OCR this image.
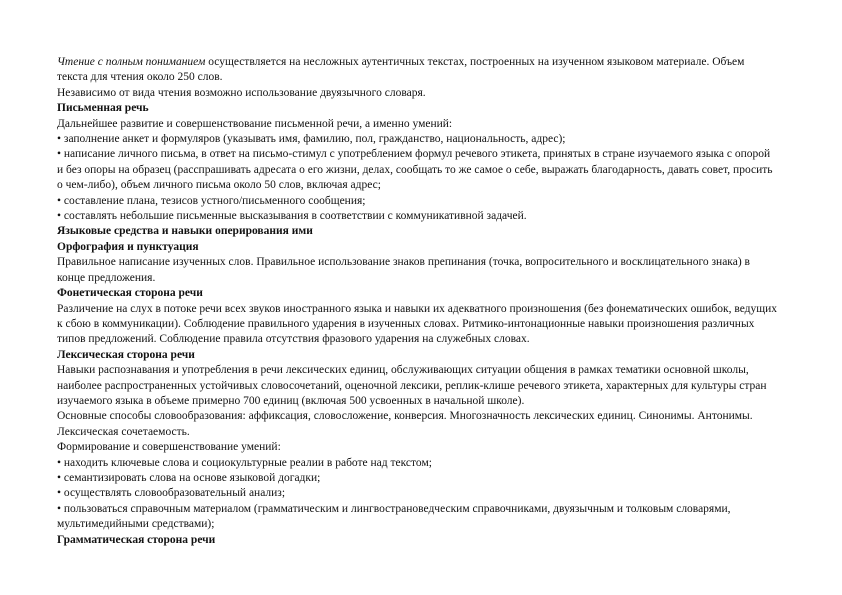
Чтение с полным пониманием осуществляется на несложных аутентичных текстах, построенных на изученном языковом материале. Объем текста для чтения около 250 слов.

Независимо от вида чтения возможно использование двуязычного словаря.

Письменная речь

Дальнейшее развитие и совершенствование письменной речи, а именно умений:

• заполнение анкет и формуляров (указывать имя, фамилию, пол, гражданство, национальность, адрес);

• написание личного письма, в ответ на письмо-стимул с употреблением формул речевого этикета, принятых в стране изучаемого языка с опорой и без опоры на образец (расспрашивать адресата о его жизни, делах, сообщать то же самое о себе, выражать благодарность, давать совет, просить о чем-либо), объем личного письма около 50 слов, включая адрес;

• составление плана, тезисов устного/письменного сообщения;

• составлять небольшие письменные высказывания в соответствии с коммуникативной задачей.

Языковые средства и навыки оперирования ими

Орфография и пунктуация

Правильное написание изученных слов. Правильное использование знаков препинания (точка, вопросительного и восклицательного знака) в конце предложения.

Фонетическая сторона речи

Различение на слух в потоке речи всех звуков иностранного языка и навыки их адекватного произношения (без фонематических ошибок, ведущих к сбою в коммуникации). Соблюдение правильного ударения в изученных словах. Ритмико-интонационные навыки произношения различных типов предложений. Соблюдение правила отсутствия фразового ударения на служебных словах.

Лексическая сторона речи

Навыки распознавания и употребления в речи лексических единиц, обслуживающих ситуации общения в рамках тематики основной школы, наиболее распространенных устойчивых словосочетаний, оценочной лексики, реплик-клише речевого этикета, характерных для культуры стран изучаемого языка в объеме примерно 700 единиц (включая 500 усвоенных в начальной школе).

Основные способы словообразования: аффиксация, словосложение, конверсия. Многозначность лексических единиц. Синонимы. Антонимы. Лексическая сочетаемость.

Формирование и совершенствование умений:

• находить ключевые слова и социокультурные реалии в работе над текстом;

• семантизировать слова на основе языковой догадки;

• осуществлять словообразовательный анализ;

• пользоваться справочным материалом (грамматическим и лингвострановедческим справочниками, двуязычным и толковым словарями, мультимедийными средствами);

Грамматическая сторона речи
